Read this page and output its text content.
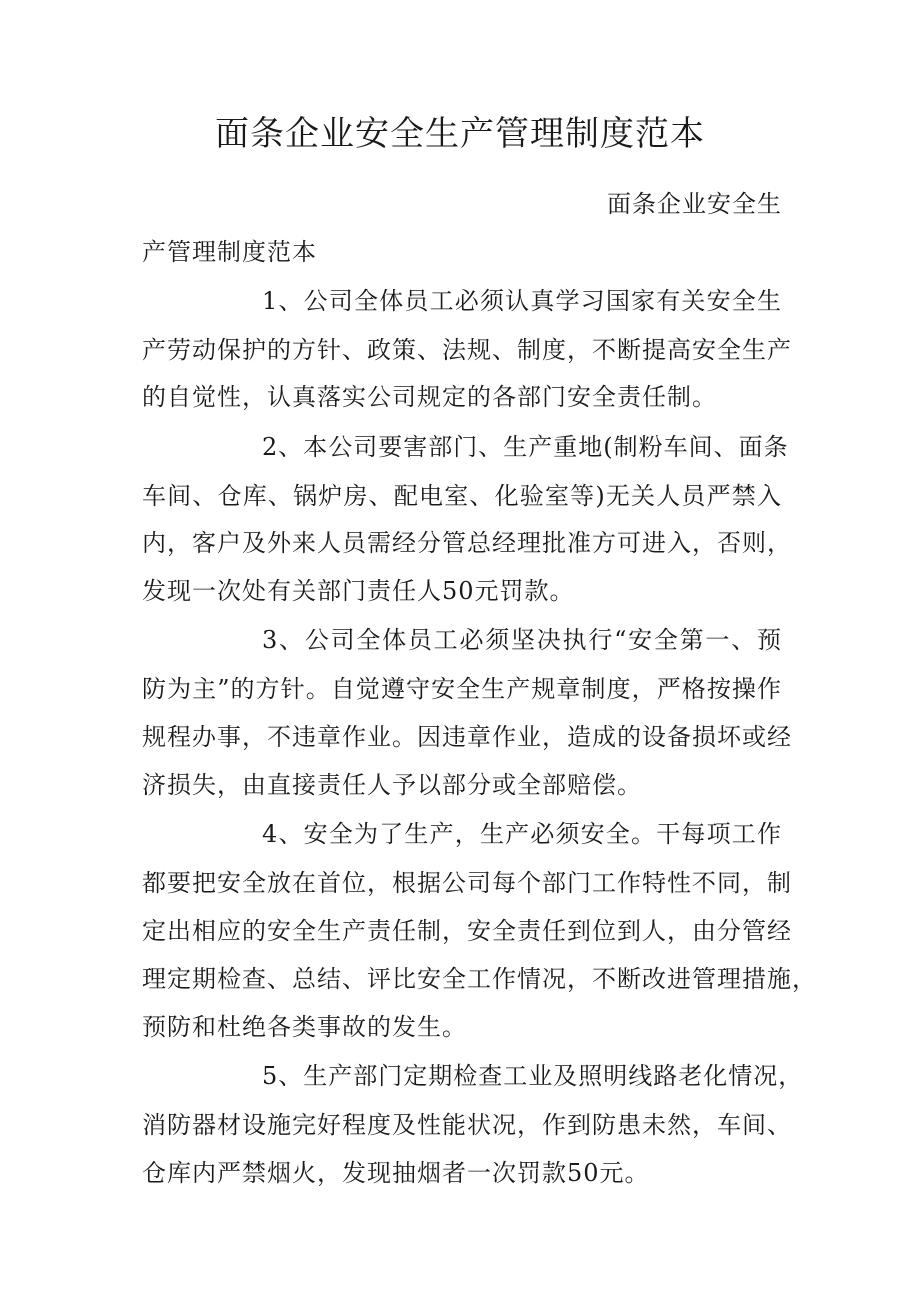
面条企业安全生产管理制度范本
面条企业安全生
产管理制度范本
1、公司全体员工必须认真学习国家有关安全生
产劳动保护的方针、政策、法规、制度，不断提高安全生产
的自觉性，认真落实公司规定的各部门安全责任制。
2、本公司要害部门、生产重地(制粉车间、面条
车间、仓库、锅炉房、配电室、化验室等)无关人员严禁入
内，客户及外来人员需经分管总经理批准方可进入，否则，
发现一次处有关部门责任人50元罚款。
3、公司全体员工必须坚决执行“安全第一、预
防为主”的方针。自觉遵守安全生产规章制度，严格按操作
规程办事，不违章作业。因违章作业，造成的设备损坏或经
济损失，由直接责任人予以部分或全部赔偿。
4、安全为了生产，生产必须安全。干每项工作
都要把安全放在首位，根据公司每个部门工作特性不同，制
定出相应的安全生产责任制，安全责任到位到人，由分管经
理定期检查、总结、评比安全工作情况，不断改进管理措施，
预防和杜绝各类事故的发生。
5、生产部门定期检查工业及照明线路老化情况，
消防器材设施完好程度及性能状况，作到防患未然，车间、
仓库内严禁烟火，发现抽烟者一次罚款50元。
